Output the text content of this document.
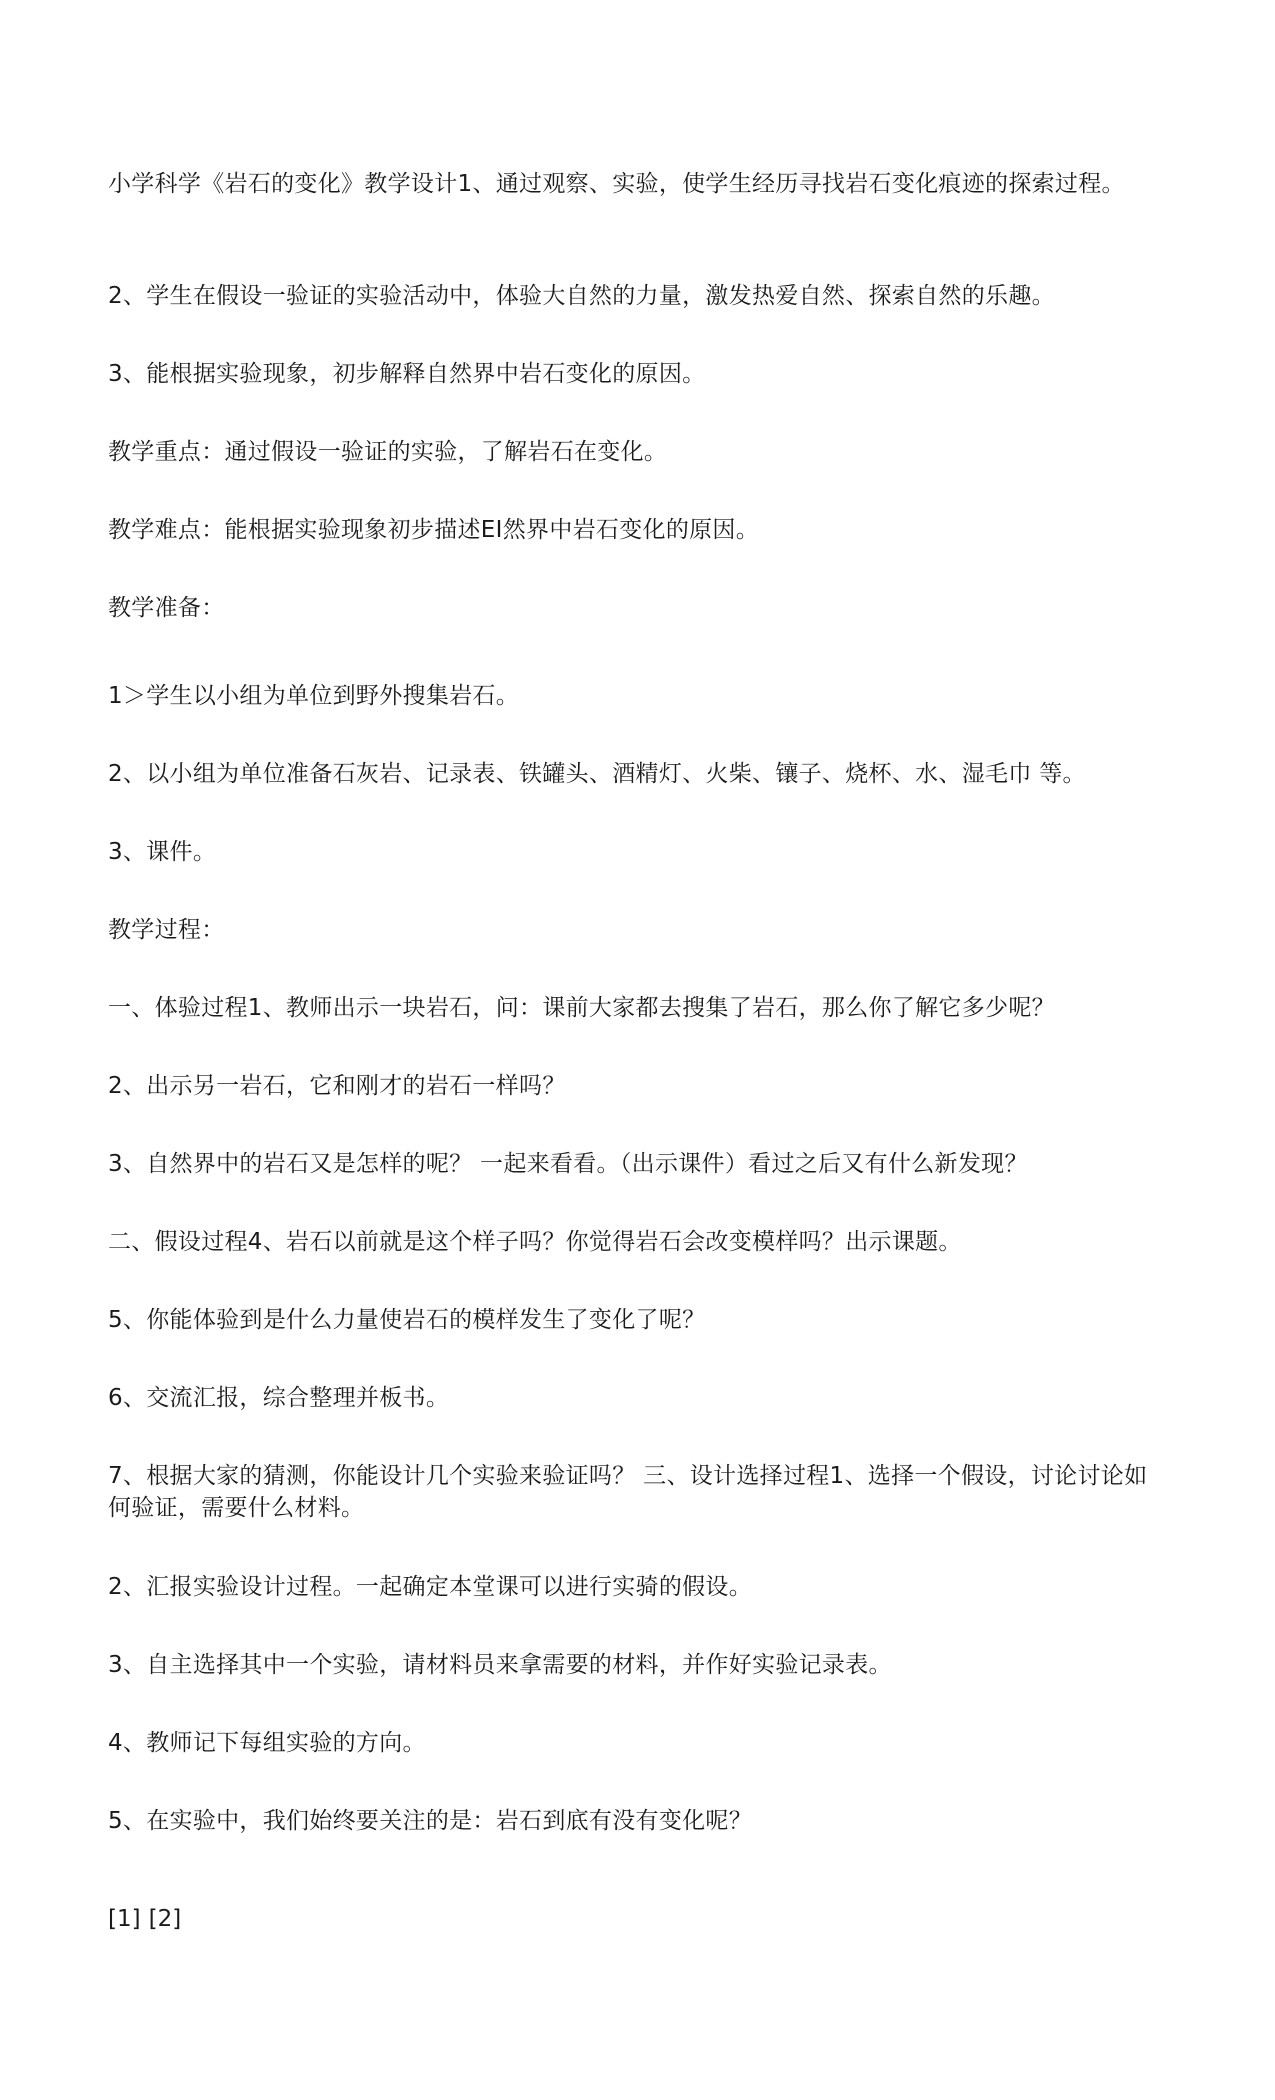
小学科学《岩石的变化》教学设计1、通过观察、实验，使学生经历寻找岩石变化痕迹的探索过程。

2、学生在假设一验证的实验活动中，体验大自然的力量，激发热爱自然、探索自然的乐趣。

3、能根据实验现象，初步解释自然界中岩石变化的原因。

教学重点：通过假设一验证的实验，了解岩石在变化。

教学难点：能根据实验现象初步描述EI然界中岩石变化的原因。

教学准备：

1＞学生以小组为单位到野外搜集岩石。

2、以小组为单位准备石灰岩、记录表、铁罐头、酒精灯、火柴、镶子、烧杯、水、湿毛巾 等。

3、课件。

教学过程：

一、体验过程1、教师出示一块岩石，问：课前大家都去搜集了岩石，那么你了解它多少呢？

2、出示另一岩石，它和刚才的岩石一样吗？

3、自然界中的岩石又是怎样的呢？ 一起来看看。（出示课件）看过之后又有什么新发现？

二、假设过程4、岩石以前就是这个样子吗？你觉得岩石会改变模样吗？出示课题。

5、你能体验到是什么力量使岩石的模样发生了变化了呢？

6、交流汇报，综合整理并板书。

7、根据大家的猜测，你能设计几个实验来验证吗？ 三、设计选择过程1、选择一个假设，讨论讨论如何验证，需要什么材料。

2、汇报实验设计过程。一起确定本堂课可以进行实骑的假设。

3、自主选择其中一个实验，请材料员来拿需要的材料，并作好实验记录表。

4、教师记下每组实验的方向。

5、在实验中，我们始终要关注的是：岩石到底有没有变化呢？

[1] [2]
